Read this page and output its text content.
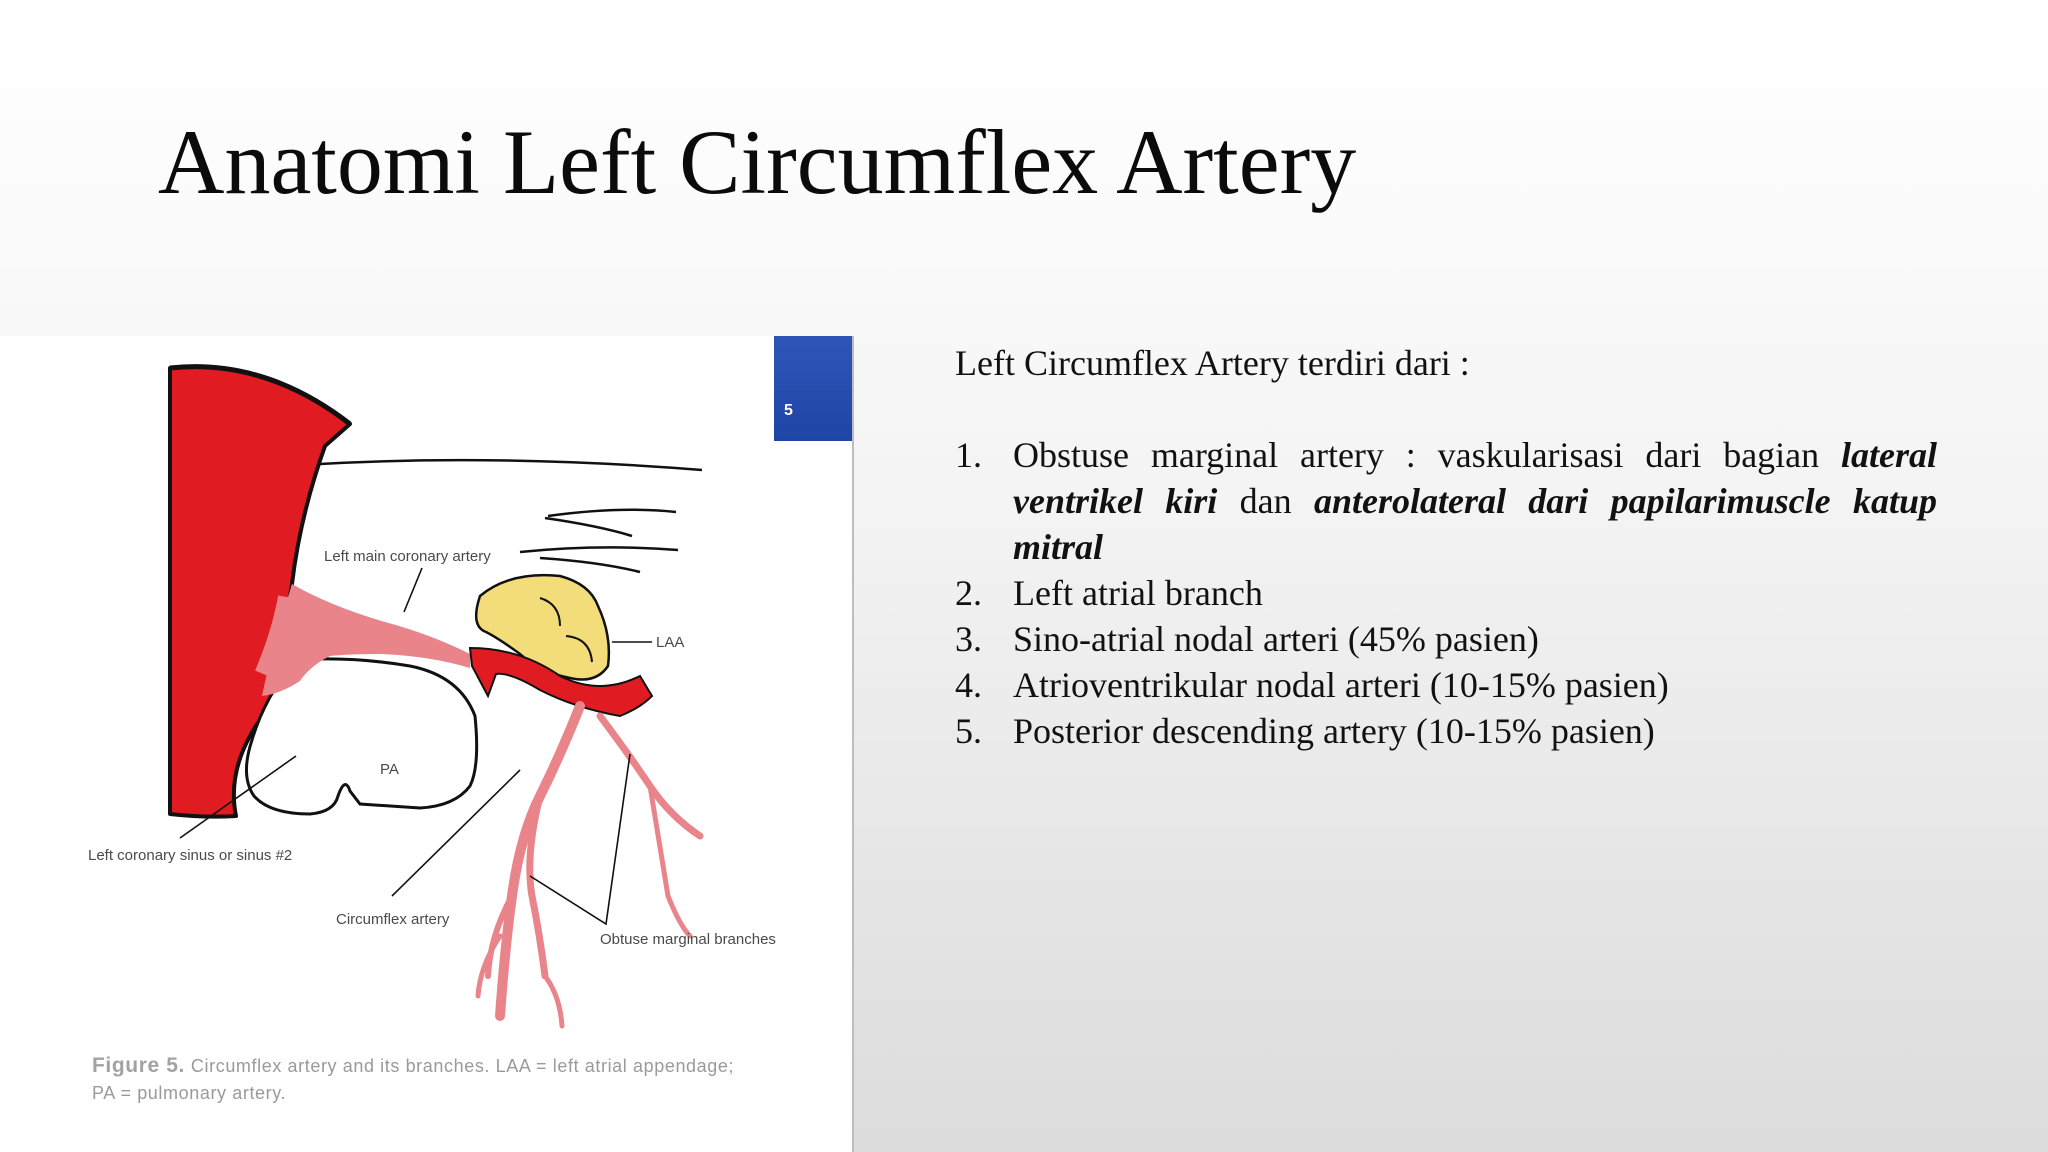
Anatomi Left Circumflex Artery
Left main coronary artery
LAA
PA
Left coronary sinus or sinus #2
Circumflex artery
Obtuse marginal branches
5
Figure 5. Circumflex artery and its branches. LAA = left atrial appendage; PA = pulmonary artery.

Left Circumflex Artery terdiri dari :

1. Obstuse marginal artery : vaskularisasi dari bagian lateral ventrikel kiri dan anterolateral dari papilarimuscle katup mitral
2. Left atrial branch
3. Sino-atrial nodal arteri (45% pasien)
4. Atrioventrikular nodal arteri (10-15% pasien)
5. Posterior descending artery (10-15% pasien)
